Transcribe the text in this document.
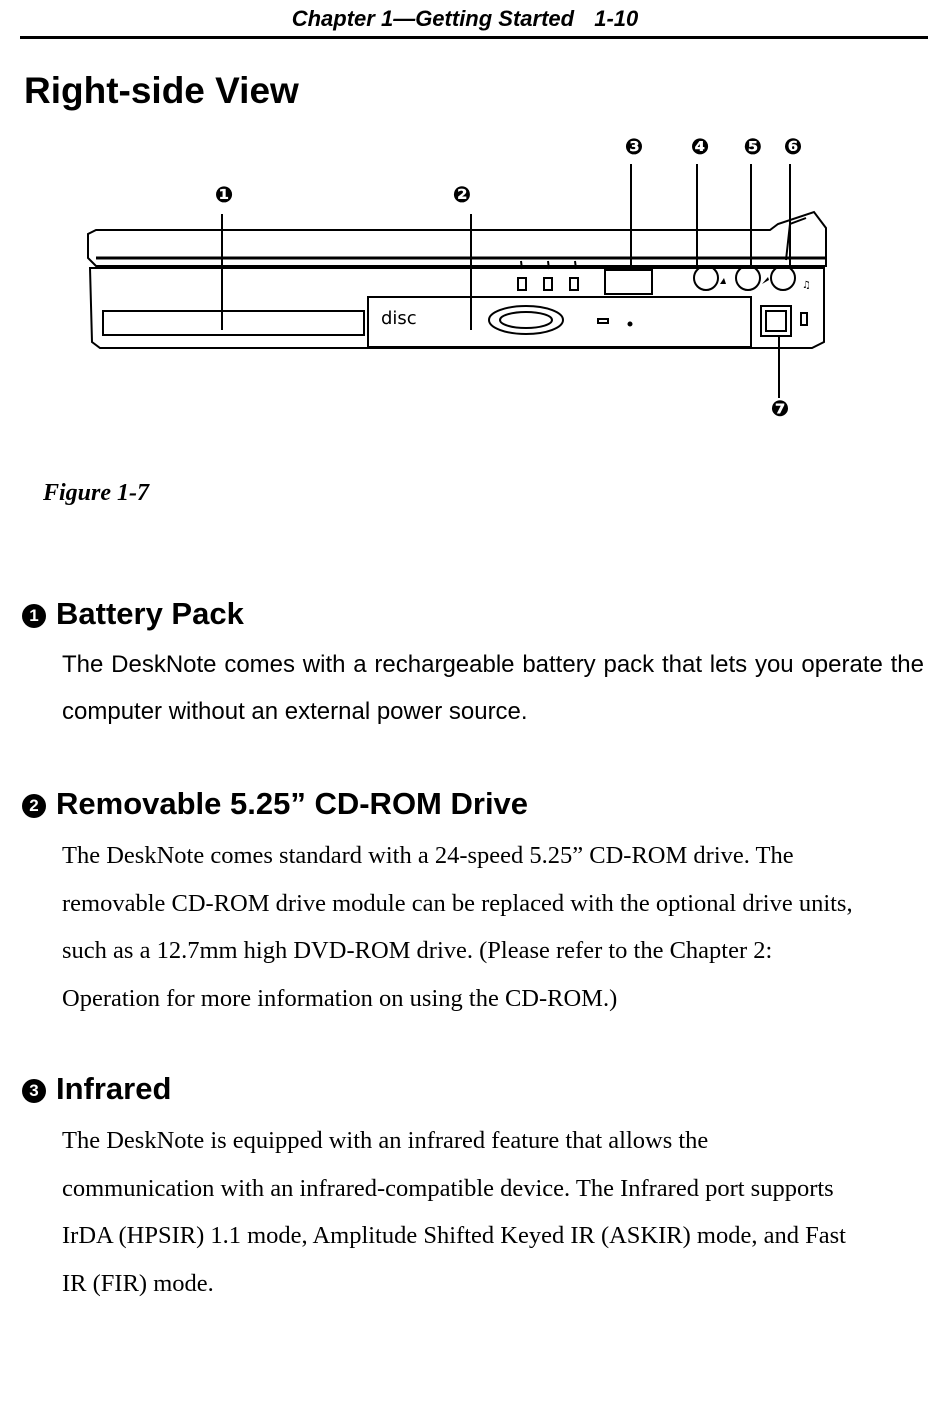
Chapter 1—Getting Started 1-10
Right-side View
❶	❷
❸ ❹ ❺ ❻
❼
♫
disc
Figure 1-7
1 Battery Pack

The DeskNote comes with a rechargeable battery pack that lets you operate the computer without an external power source.

2 Removable 5.25” CD-ROM Drive
The DeskNote comes standard with a 24-speed 5.25” CD-ROM drive. The
removable CD-ROM drive module can be replaced with the optional drive units,
such as a 12.7mm high DVD-ROM drive. (Please refer to the Chapter 2:
Operation for more information on using the CD-ROM.)
3 Infrared
The DeskNote is equipped with an infrared feature that allows the
communication with an infrared-compatible device. The Infrared port supports
IrDA (HPSIR) 1.1 mode, Amplitude Shifted Keyed IR (ASKIR) mode, and Fast
IR (FIR) mode.
